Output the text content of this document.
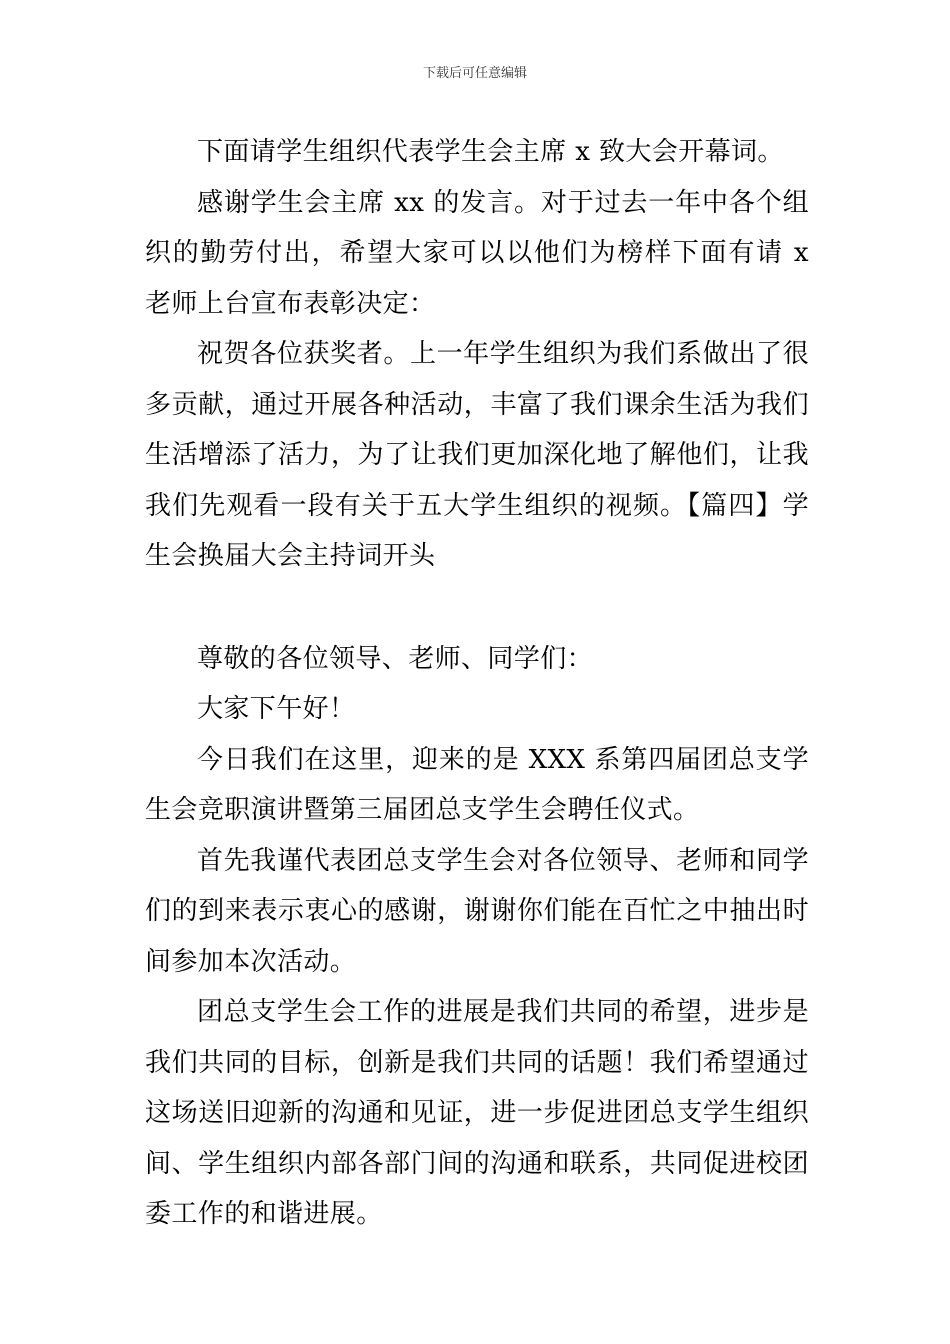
下载后可任意编辑

下面请学生组织代表学生会主席 x 致大会开幕词。

感谢学生会主席 xx 的发言。对于过去一年中各个组织的勤劳付出，希望大家可以以他们为榜样下面有请 x 老师上台宣布表彰决定：

祝贺各位获奖者。上一年学生组织为我们系做出了很多贡献，通过开展各种活动，丰富了我们课余生活为我们生活增添了活力，为了让我们更加深化地了解他们，让我我们先观看一段有关于五大学生组织的视频。【篇四】学生会换届大会主持词开头

尊敬的各位领导、老师、同学们：

大家下午好！

今日我们在这里，迎来的是 XXX 系第四届团总支学生会竞职演讲暨第三届团总支学生会聘任仪式。

首先我谨代表团总支学生会对各位领导、老师和同学们的到来表示衷心的感谢，谢谢你们能在百忙之中抽出时间参加本次活动。

团总支学生会工作的进展是我们共同的希望，进步是我们共同的目标，创新是我们共同的话题！我们希望通过这场送旧迎新的沟通和见证，进一步促进团总支学生组织间、学生组织内部各部门间的沟通和联系，共同促进校团委工作的和谐进展。
